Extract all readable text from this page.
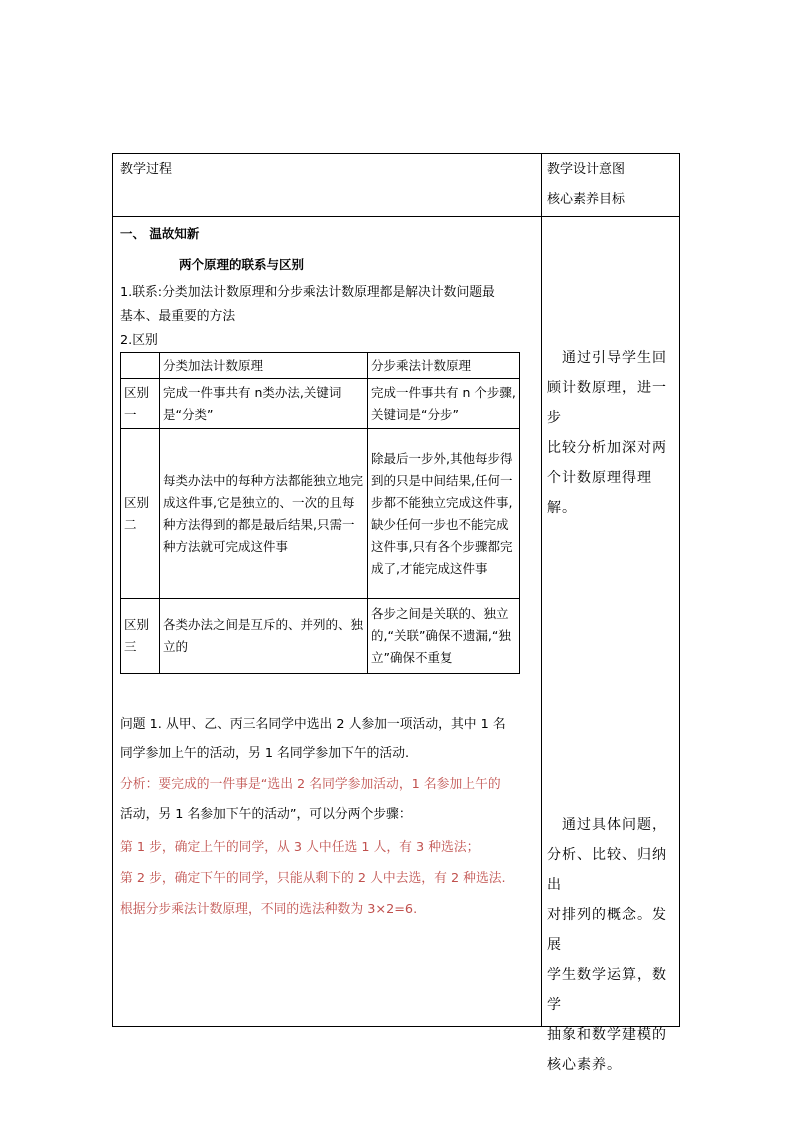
教学过程	教学设计意图
核心素养目标
一、 温故知新
两个原理的联系与区别
1.联系:分类加法计数原理和分步乘法计数原理都是解决计数问题最
基本、最重要的方法
2.区别
	分类加法计数原理	分步乘法计数原理
区别一	完成一件事共有 n类办法,关键词是“分类”	完成一件事共有 n 个步骤,关键词是“分步”
区别二	每类办法中的每种方法都能独立地完成这件事,它是独立的、一次的且每种方法得到的都是最后结果,只需一种方法就可完成这件事	除最后一步外,其他每步得到的只是中间结果,任何一步都不能独立完成这件事,缺少任何一步也不能完成这件事,只有各个步骤都完成了,才能完成这件事
区别三	各类办法之间是互斥的、并列的、独立的	各步之间是关联的、独立的,“关联”确保不遗漏,“独立”确保不重复
问题 1. 从甲、乙、丙三名同学中选出 2 人参加一项活动，其中 1 名
同学参加上午的活动，另 1 名同学参加下午的活动.
分析：要完成的一件事是“选出 2 名同学参加活动，1 名参加上午的
活动，另 1 名参加下午的活动”，可以分两个步骤：
第 1 步，确定上午的同学，从 3 人中任选 1 人，有 3 种选法；
第 2 步，确定下午的同学，只能从剩下的 2 人中去选，有 2 种选法.
根据分步乘法计数原理，不同的选法种数为 3×2=6.
　通过引导学生回
顾计数原理，进一步
比较分析加深对两
个计数原理得理解。
　通过具体问题，
分析、比较、归纳出
对排列的概念。发展
学生数学运算，数学
抽象和数学建模的
核心素养。
